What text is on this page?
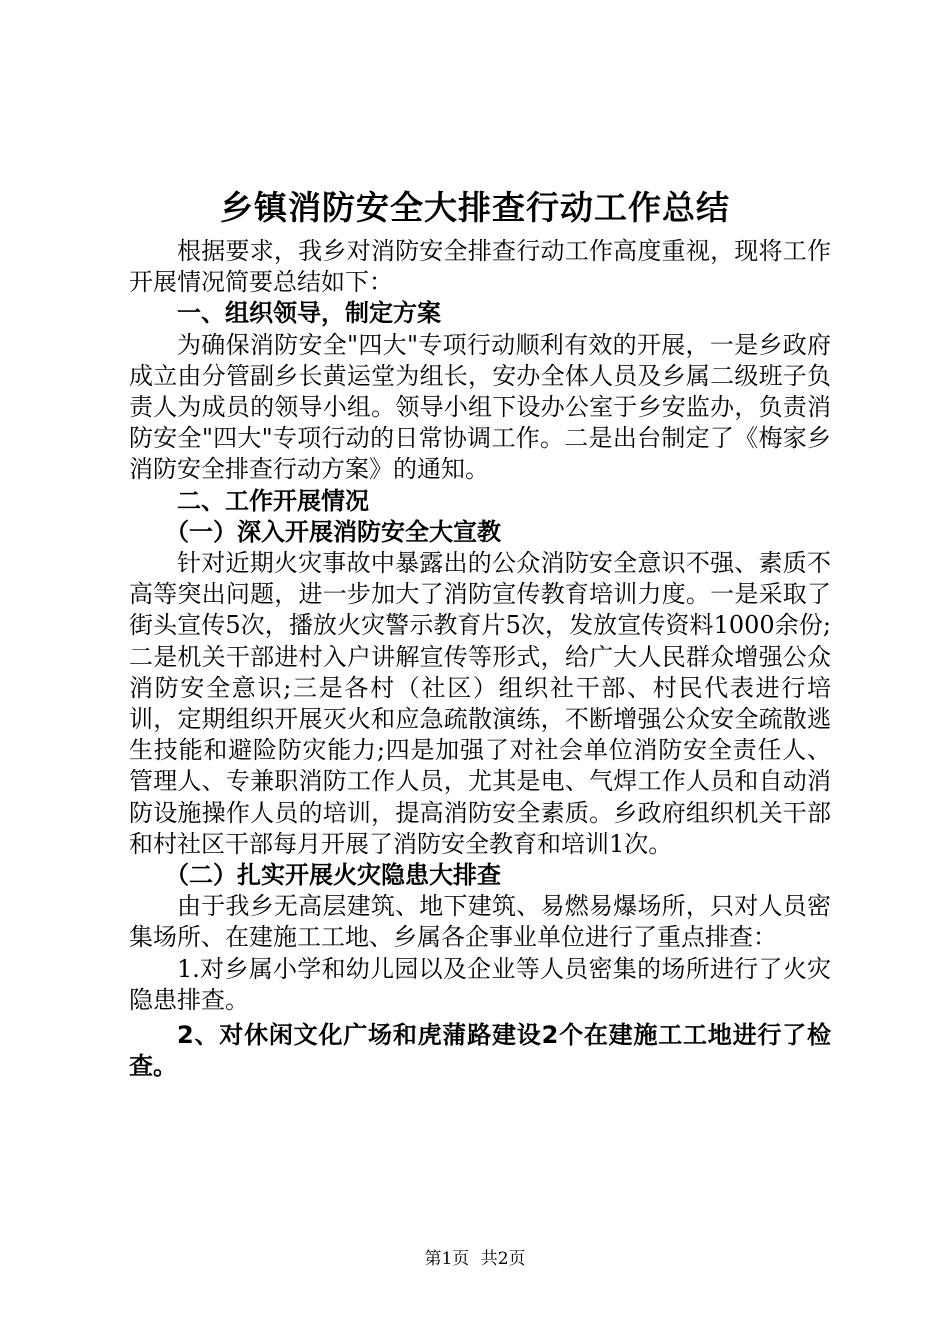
乡镇消防安全大排查行动工作总结

根据要求，我乡对消防安全排查行动工作高度重视，现将工作开展情况简要总结如下：

一、组织领导，制定方案

为确保消防安全"四大"专项行动顺利有效的开展，一是乡政府成立由分管副乡长黄运堂为组长，安办全体人员及乡属二级班子负责人为成员的领导小组。领导小组下设办公室于乡安监办，负责消防安全"四大"专项行动的日常协调工作。二是出台制定了《梅家乡消防安全排查行动方案》的通知。

二、工作开展情况

（一）深入开展消防安全大宣教

针对近期火灾事故中暴露出的公众消防安全意识不强、素质不高等突出问题，进一步加大了消防宣传教育培训力度。一是采取了街头宣传5次，播放火灾警示教育片5次，发放宣传资料1000余份;二是机关干部进村入户讲解宣传等形式，给广大人民群众增强公众消防安全意识;三是各村（社区）组织社干部、村民代表进行培训，定期组织开展灭火和应急疏散演练，不断增强公众安全疏散逃生技能和避险防灾能力;四是加强了对社会单位消防安全责任人、管理人、专兼职消防工作人员，尤其是电、气焊工作人员和自动消防设施操作人员的培训，提高消防安全素质。乡政府组织机关干部和村社区干部每月开展了消防安全教育和培训1次。

（二）扎实开展火灾隐患大排查

由于我乡无高层建筑、地下建筑、易燃易爆场所，只对人员密集场所、在建施工工地、乡属各企事业单位进行了重点排查：

1.对乡属小学和幼儿园以及企业等人员密集的场所进行了火灾隐患排查。

2、对休闲文化广场和虎蒲路建设2个在建施工工地进行了检查。

第1页 共2页
